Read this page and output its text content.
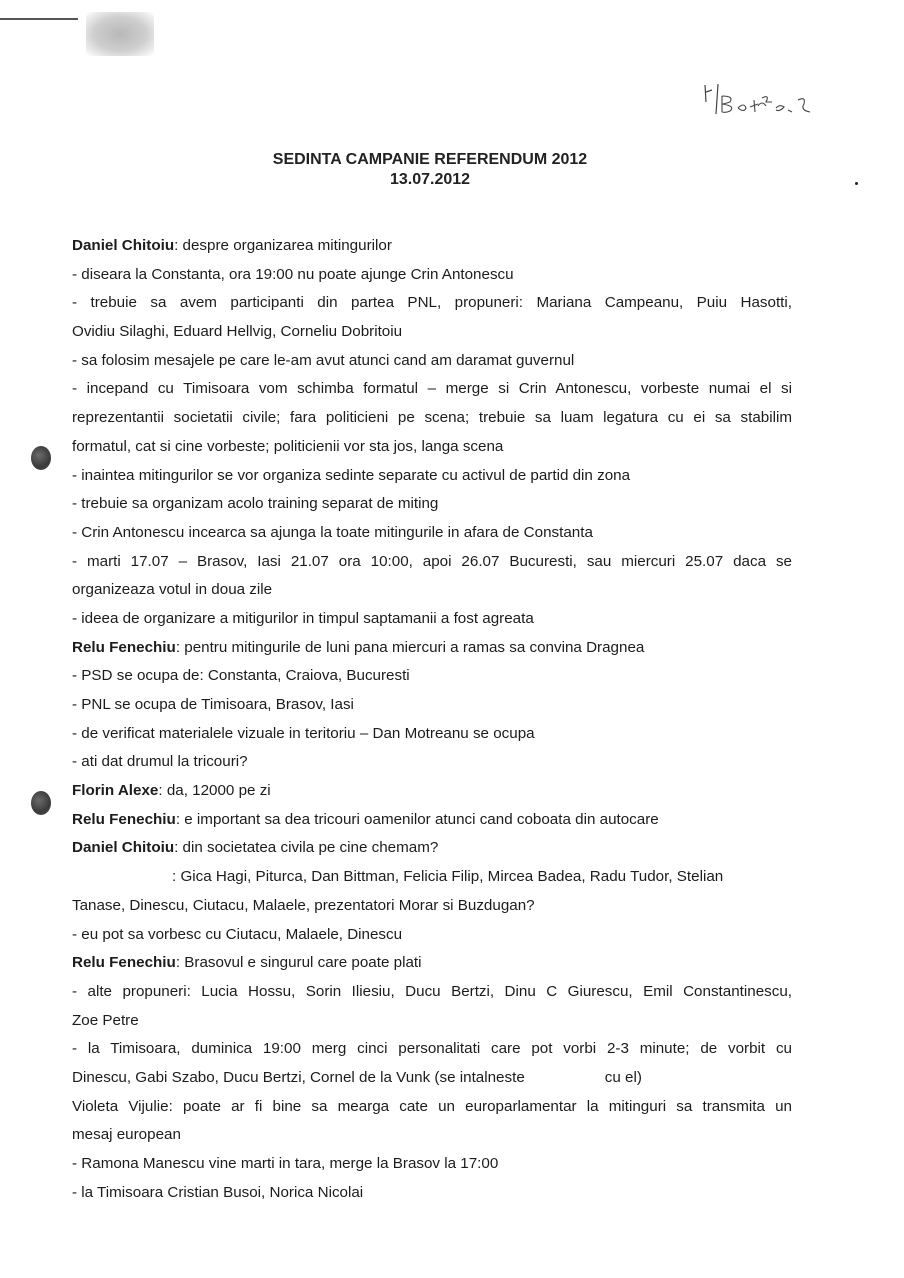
SEDINTA CAMPANIE REFERENDUM 2012
13.07.2012
Daniel Chitoiu: despre organizarea mitingurilor
- diseara la Constanta, ora 19:00 nu poate ajunge Crin Antonescu
- trebuie sa avem participanti din partea PNL, propuneri: Mariana Campeanu, Puiu Hasotti,
Ovidiu Silaghi, Eduard Hellvig, Corneliu Dobritoiu
- sa folosim mesajele pe care le-am avut atunci cand am daramat guvernul
- incepand cu Timisoara vom schimba formatul – merge si Crin Antonescu, vorbeste numai el si
reprezentantii societatii civile; fara politicieni pe scena; trebuie sa luam legatura cu ei sa stabilim
formatul, cat si cine vorbeste; politicienii vor sta jos, langa scena
- inaintea mitingurilor se vor organiza sedinte separate cu activul de partid din zona
- trebuie sa organizam acolo training separat de miting
- Crin Antonescu incearca sa ajunga la toate mitingurile in afara de Constanta
- marti 17.07 – Brasov, Iasi 21.07 ora 10:00, apoi 26.07 Bucuresti, sau miercuri 25.07 daca se
organizeaza votul in doua zile
- ideea de organizare a mitigurilor in timpul saptamanii a fost agreata
Relu Fenechiu: pentru mitingurile de luni pana miercuri a ramas sa convina Dragnea
- PSD se ocupa de: Constanta, Craiova, Bucuresti
- PNL se ocupa de Timisoara, Brasov, Iasi
- de verificat materialele vizuale in teritoriu – Dan Motreanu se ocupa
- ati dat drumul la tricouri?
Florin Alexe: da, 12000 pe zi
Relu Fenechiu: e important sa dea tricouri oamenilor atunci cand coboata din autocare
Daniel Chitoiu: din societatea civila pe cine chemam?
: Gica Hagi, Piturca, Dan Bittman, Felicia Filip, Mircea Badea, Radu Tudor, Stelian
Tanase, Dinescu, Ciutacu, Malaele, prezentatori Morar si Buzdugan?
- eu pot sa vorbesc cu Ciutacu, Malaele, Dinescu
Relu Fenechiu: Brasovul e singurul care poate plati
- alte propuneri: Lucia Hossu, Sorin Iliesiu, Ducu Bertzi, Dinu C Giurescu, Emil Constantinescu,
Zoe Petre
- la Timisoara, duminica 19:00 merg cinci personalitati care pot vorbi 2-3 minute; de vorbit cu
Dinescu, Gabi Szabo, Ducu Bertzi, Cornel de la Vunk (se intalneste	cu el)
Violeta Vijulie: poate ar fi bine sa mearga cate un europarlamentar la mitinguri sa transmita un
mesaj european
- Ramona Manescu vine marti in tara, merge la Brasov la 17:00
- la Timisoara Cristian Busoi, Norica Nicolai
